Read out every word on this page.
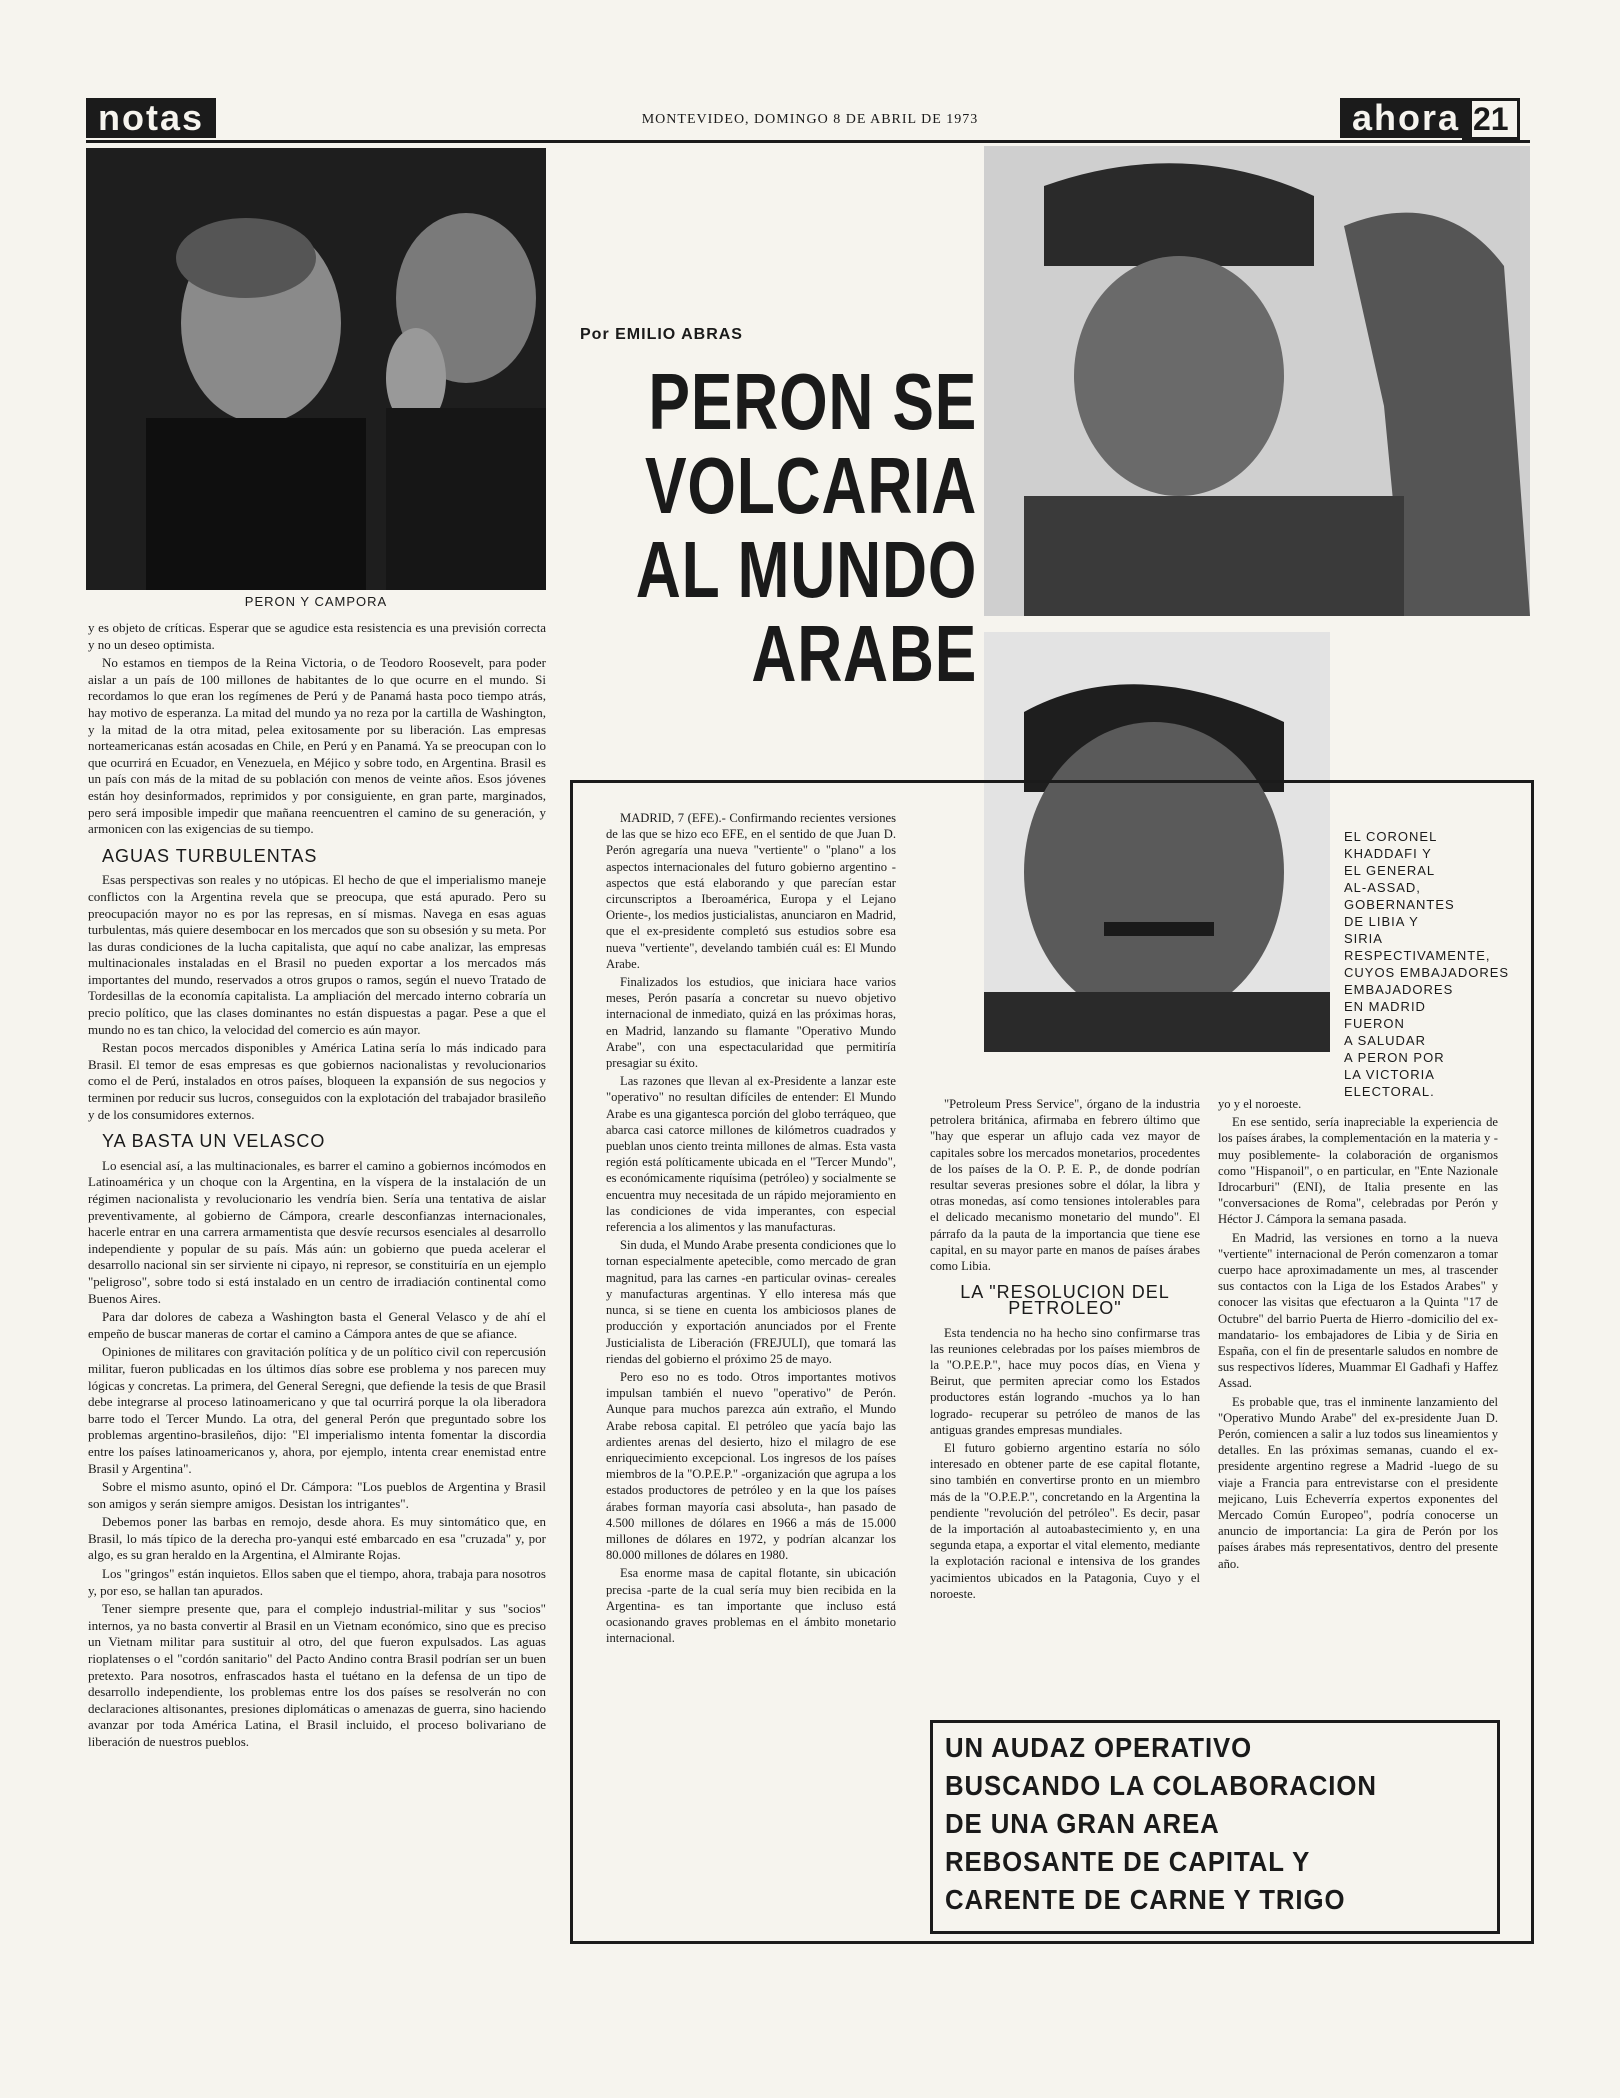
notas	MONTEVIDEO, DOMINGO 8 DE ABRIL DE 1973	ahora 21
PERON Y CAMPORA
Por EMILIO ABRAS
PERON SE
VOLCARIA
AL MUNDO
ARABE
EL CORONEL
KHADDAFI Y
EL GENERAL
AL-ASSAD,
GOBERNANTES
DE LIBIA Y
SIRIA
RESPECTIVAMENTE,
CUYOS EMBAJADORES
EMBAJADORES
EN MADRID
FUERON
A SALUDAR
A PERON POR
LA VICTORIA
ELECTORAL.

y es objeto de críticas. Esperar que se agudice esta resistencia es una previsión correcta y no un deseo optimista.

No estamos en tiempos de la Reina Victoria, o de Teodoro Roosevelt, para poder aislar a un país de 100 millones de habitantes de lo que ocurre en el mundo. Si recordamos lo que eran los regímenes de Perú y de Panamá hasta poco tiempo atrás, hay motivo de esperanza. La mitad del mundo ya no reza por la cartilla de Washington, y la mitad de la otra mitad, pelea exitosamente por su liberación. Las empresas norteamericanas están acosadas en Chile, en Perú y en Panamá. Ya se preocupan con lo que ocurrirá en Ecuador, en Venezuela, en Méjico y sobre todo, en Argentina. Brasil es un país con más de la mitad de su población con menos de veinte años. Esos jóvenes están hoy desinformados, reprimidos y por consiguiente, en gran parte, marginados, pero será imposible impedir que mañana reencuentren el camino de su generación, y armonicen con las exigencias de su tiempo.

AGUAS TURBULENTAS

Esas perspectivas son reales y no utópicas. El hecho de que el imperialismo maneje conflictos con la Argentina revela que se preocupa, que está apurado. Pero su preocupación mayor no es por las represas, en sí mismas. Navega en esas aguas turbulentas, más quiere desembocar en los mercados que son su obsesión y su meta. Por las duras condiciones de la lucha capitalista, que aquí no cabe analizar, las empresas multinacionales instaladas en el Brasil no pueden exportar a los mercados más importantes del mundo, reservados a otros grupos o ramos, según el nuevo Tratado de Tordesillas de la economía capitalista. La ampliación del mercado interno cobraría un precio político, que las clases dominantes no están dispuestas a pagar. Pese a que el mundo no es tan chico, la velocidad del comercio es aún mayor.

Restan pocos mercados disponibles y América Latina sería lo más indicado para Brasil. El temor de esas empresas es que gobiernos nacionalistas y revolucionarios como el de Perú, instalados en otros países, bloqueen la expansión de sus negocios y terminen por reducir sus lucros, conseguidos con la explotación del trabajador brasileño y de los consumidores externos.

YA BASTA UN VELASCO

Lo esencial así, a las multinacionales, es barrer el camino a gobiernos incómodos en Latinoamérica y un choque con la Argentina, en la víspera de la instalación de un régimen nacionalista y revolucionario les vendría bien. Sería una tentativa de aislar preventivamente, al gobierno de Cámpora, crearle desconfianzas internacionales, hacerle entrar en una carrera armamentista que desvíe recursos esenciales al desarrollo independiente y popular de su país. Más aún: un gobierno que pueda acelerar el desarrollo nacional sin ser sirviente ni cipayo, ni represor, se constituiría en un ejemplo "peligroso", sobre todo si está instalado en un centro de irradiación continental como Buenos Aires.

Para dar dolores de cabeza a Washington basta el General Velasco y de ahí el empeño de buscar maneras de cortar el camino a Cámpora antes de que se afiance.

Opiniones de militares con gravitación política y de un político civil con repercusión militar, fueron publicadas en los últimos días sobre ese problema y nos parecen muy lógicas y concretas. La primera, del General Seregni, que defiende la tesis de que Brasil debe integrarse al proceso latinoamericano y que tal ocurrirá porque la ola liberadora barre todo el Tercer Mundo. La otra, del general Perón que preguntado sobre los problemas argentino-brasileños, dijo: "El imperialismo intenta fomentar la discordia entre los países latinoamericanos y, ahora, por ejemplo, intenta crear enemistad entre Brasil y Argentina".

Sobre el mismo asunto, opinó el Dr. Cámpora: "Los pueblos de Argentina y Brasil son amigos y serán siempre amigos. Desistan los intrigantes".

Debemos poner las barbas en remojo, desde ahora. Es muy sintomático que, en Brasil, lo más típico de la derecha pro-yanqui esté embarcado en esa "cruzada" y, por algo, es su gran heraldo en la Argentina, el Almirante Rojas.

Los "gringos" están inquietos. Ellos saben que el tiempo, ahora, trabaja para nosotros y, por eso, se hallan tan apurados.

Tener siempre presente que, para el complejo industrial-militar y sus "socios" internos, ya no basta convertir al Brasil en un Vietnam económico, sino que es preciso un Vietnam militar para sustituir al otro, del que fueron expulsados. Las aguas rioplatenses o el "cordón sanitario" del Pacto Andino contra Brasil podrían ser un buen pretexto. Para nosotros, enfrascados hasta el tuétano en la defensa de un tipo de desarrollo independiente, los problemas entre los dos países se resolverán no con declaraciones altisonantes, presiones diplomáticas o amenazas de guerra, sino haciendo avanzar por toda América Latina, el Brasil incluido, el proceso bolivariano de liberación de nuestros pueblos.

MADRID, 7 (EFE).- Confirmando recientes versiones de las que se hizo eco EFE, en el sentido de que Juan D. Perón agregaría una nueva "vertiente" o "plano" a los aspectos internacionales del futuro gobierno argentino -aspectos que está elaborando y que parecían estar circunscriptos a Iberoamérica, Europa y el Lejano Oriente-, los medios justicialistas, anunciaron en Madrid, que el ex-presidente completó sus estudios sobre esa nueva "vertiente", develando también cuál es: El Mundo Arabe.

Finalizados los estudios, que iniciara hace varios meses, Perón pasaría a concretar su nuevo objetivo internacional de inmediato, quizá en las próximas horas, en Madrid, lanzando su flamante "Operativo Mundo Arabe", con una espectacularidad que permitiría presagiar su éxito.

Las razones que llevan al ex-Presidente a lanzar este "operativo" no resultan difíciles de entender: El Mundo Arabe es una gigantesca porción del globo terráqueo, que abarca casi catorce millones de kilómetros cuadrados y pueblan unos ciento treinta millones de almas. Esta vasta región está políticamente ubicada en el "Tercer Mundo", es económicamente riquísima (petróleo) y socialmente se encuentra muy necesitada de un rápido mejoramiento en las condiciones de vida imperantes, con especial referencia a los alimentos y las manufacturas.

Sin duda, el Mundo Arabe presenta condiciones que lo tornan especialmente apetecible, como mercado de gran magnitud, para las carnes -en particular ovinas- cereales y manufacturas argentinas. Y ello interesa más que nunca, si se tiene en cuenta los ambiciosos planes de producción y exportación anunciados por el Frente Justicialista de Liberación (FREJULI), que tomará las riendas del gobierno el próximo 25 de mayo.

Pero eso no es todo. Otros importantes motivos impulsan también el nuevo "operativo" de Perón. Aunque para muchos parezca aún extraño, el Mundo Arabe rebosa capital. El petróleo que yacía bajo las ardientes arenas del desierto, hizo el milagro de ese enriquecimiento excepcional. Los ingresos de los países miembros de la "O.P.E.P." -organización que agrupa a los estados productores de petróleo y en la que los países árabes forman mayoría casi absoluta-, han pasado de 4.500 millones de dólares en 1966 a más de 15.000 millones de dólares en 1972, y podrían alcanzar los 80.000 millones de dólares en 1980.

Esa enorme masa de capital flotante, sin ubicación precisa -parte de la cual sería muy bien recibida en la Argentina- es tan importante que incluso está ocasionando graves problemas en el ámbito monetario internacional.

"Petroleum Press Service", órgano de la industria petrolera británica, afirmaba en febrero último que "hay que esperar un aflujo cada vez mayor de capitales sobre los mercados monetarios, procedentes de los países de la O. P. E. P., de donde podrían resultar severas presiones sobre el dólar, la libra y otras monedas, así como tensiones intolerables para el delicado mecanismo monetario del mundo". El párrafo da la pauta de la importancia que tiene ese capital, en su mayor parte en manos de países árabes como Libia.

LA "RESOLUCION DEL PETROLEO"

Esta tendencia no ha hecho sino confirmarse tras las reuniones celebradas por los países miembros de la "O.P.E.P.", hace muy pocos días, en Viena y Beirut, que permiten apreciar como los Estados productores están logrando -muchos ya lo han logrado- recuperar su petróleo de manos de las antiguas grandes empresas mundiales.

El futuro gobierno argentino estaría no sólo interesado en obtener parte de ese capital flotante, sino también en convertirse pronto en un miembro más de la "O.P.E.P.", concretando en la Argentina la pendiente "revolución del petróleo". Es decir, pasar de la importación al autoabastecimiento y, en una segunda etapa, a exportar el vital elemento, mediante la explotación racional e intensiva de los grandes yacimientos ubicados en la Patagonia, Cuyo y el noroeste.

yo y el noroeste.

En ese sentido, sería inapreciable la experiencia de los países árabes, la complementación en la materia y -muy posiblemente- la colaboración de organismos como "Hispanoil", o en particular, en "Ente Nazionale Idrocarburi" (ENI), de Italia presente en las "conversaciones de Roma", celebradas por Perón y Héctor J. Cámpora la semana pasada.

En Madrid, las versiones en torno a la nueva "vertiente" internacional de Perón comenzaron a tomar cuerpo hace aproximadamente un mes, al trascender sus contactos con la Liga de los Estados Arabes" y conocer las visitas que efectuaron a la Quinta "17 de Octubre" del barrio Puerta de Hierro -domicilio del ex-mandatario- los embajadores de Libia y de Siria en España, con el fin de presentarle saludos en nombre de sus respectivos líderes, Muammar El Gadhafi y Haffez Assad.

Es probable que, tras el inminente lanzamiento del "Operativo Mundo Arabe" del ex-presidente Juan D. Perón, comiencen a salir a luz todos sus lineamientos y detalles. En las próximas semanas, cuando el ex-presidente argentino regrese a Madrid -luego de su viaje a Francia para entrevistarse con el presidente mejicano, Luis Echeverría expertos exponentes del Mercado Común Europeo", podría conocerse un anuncio de importancia: La gira de Perón por los países árabes más representativos, dentro del presente año.

UN AUDAZ OPERATIVO
BUSCANDO LA COLABORACION
DE UNA GRAN AREA
REBOSANTE DE CAPITAL Y
CARENTE DE CARNE Y TRIGO
